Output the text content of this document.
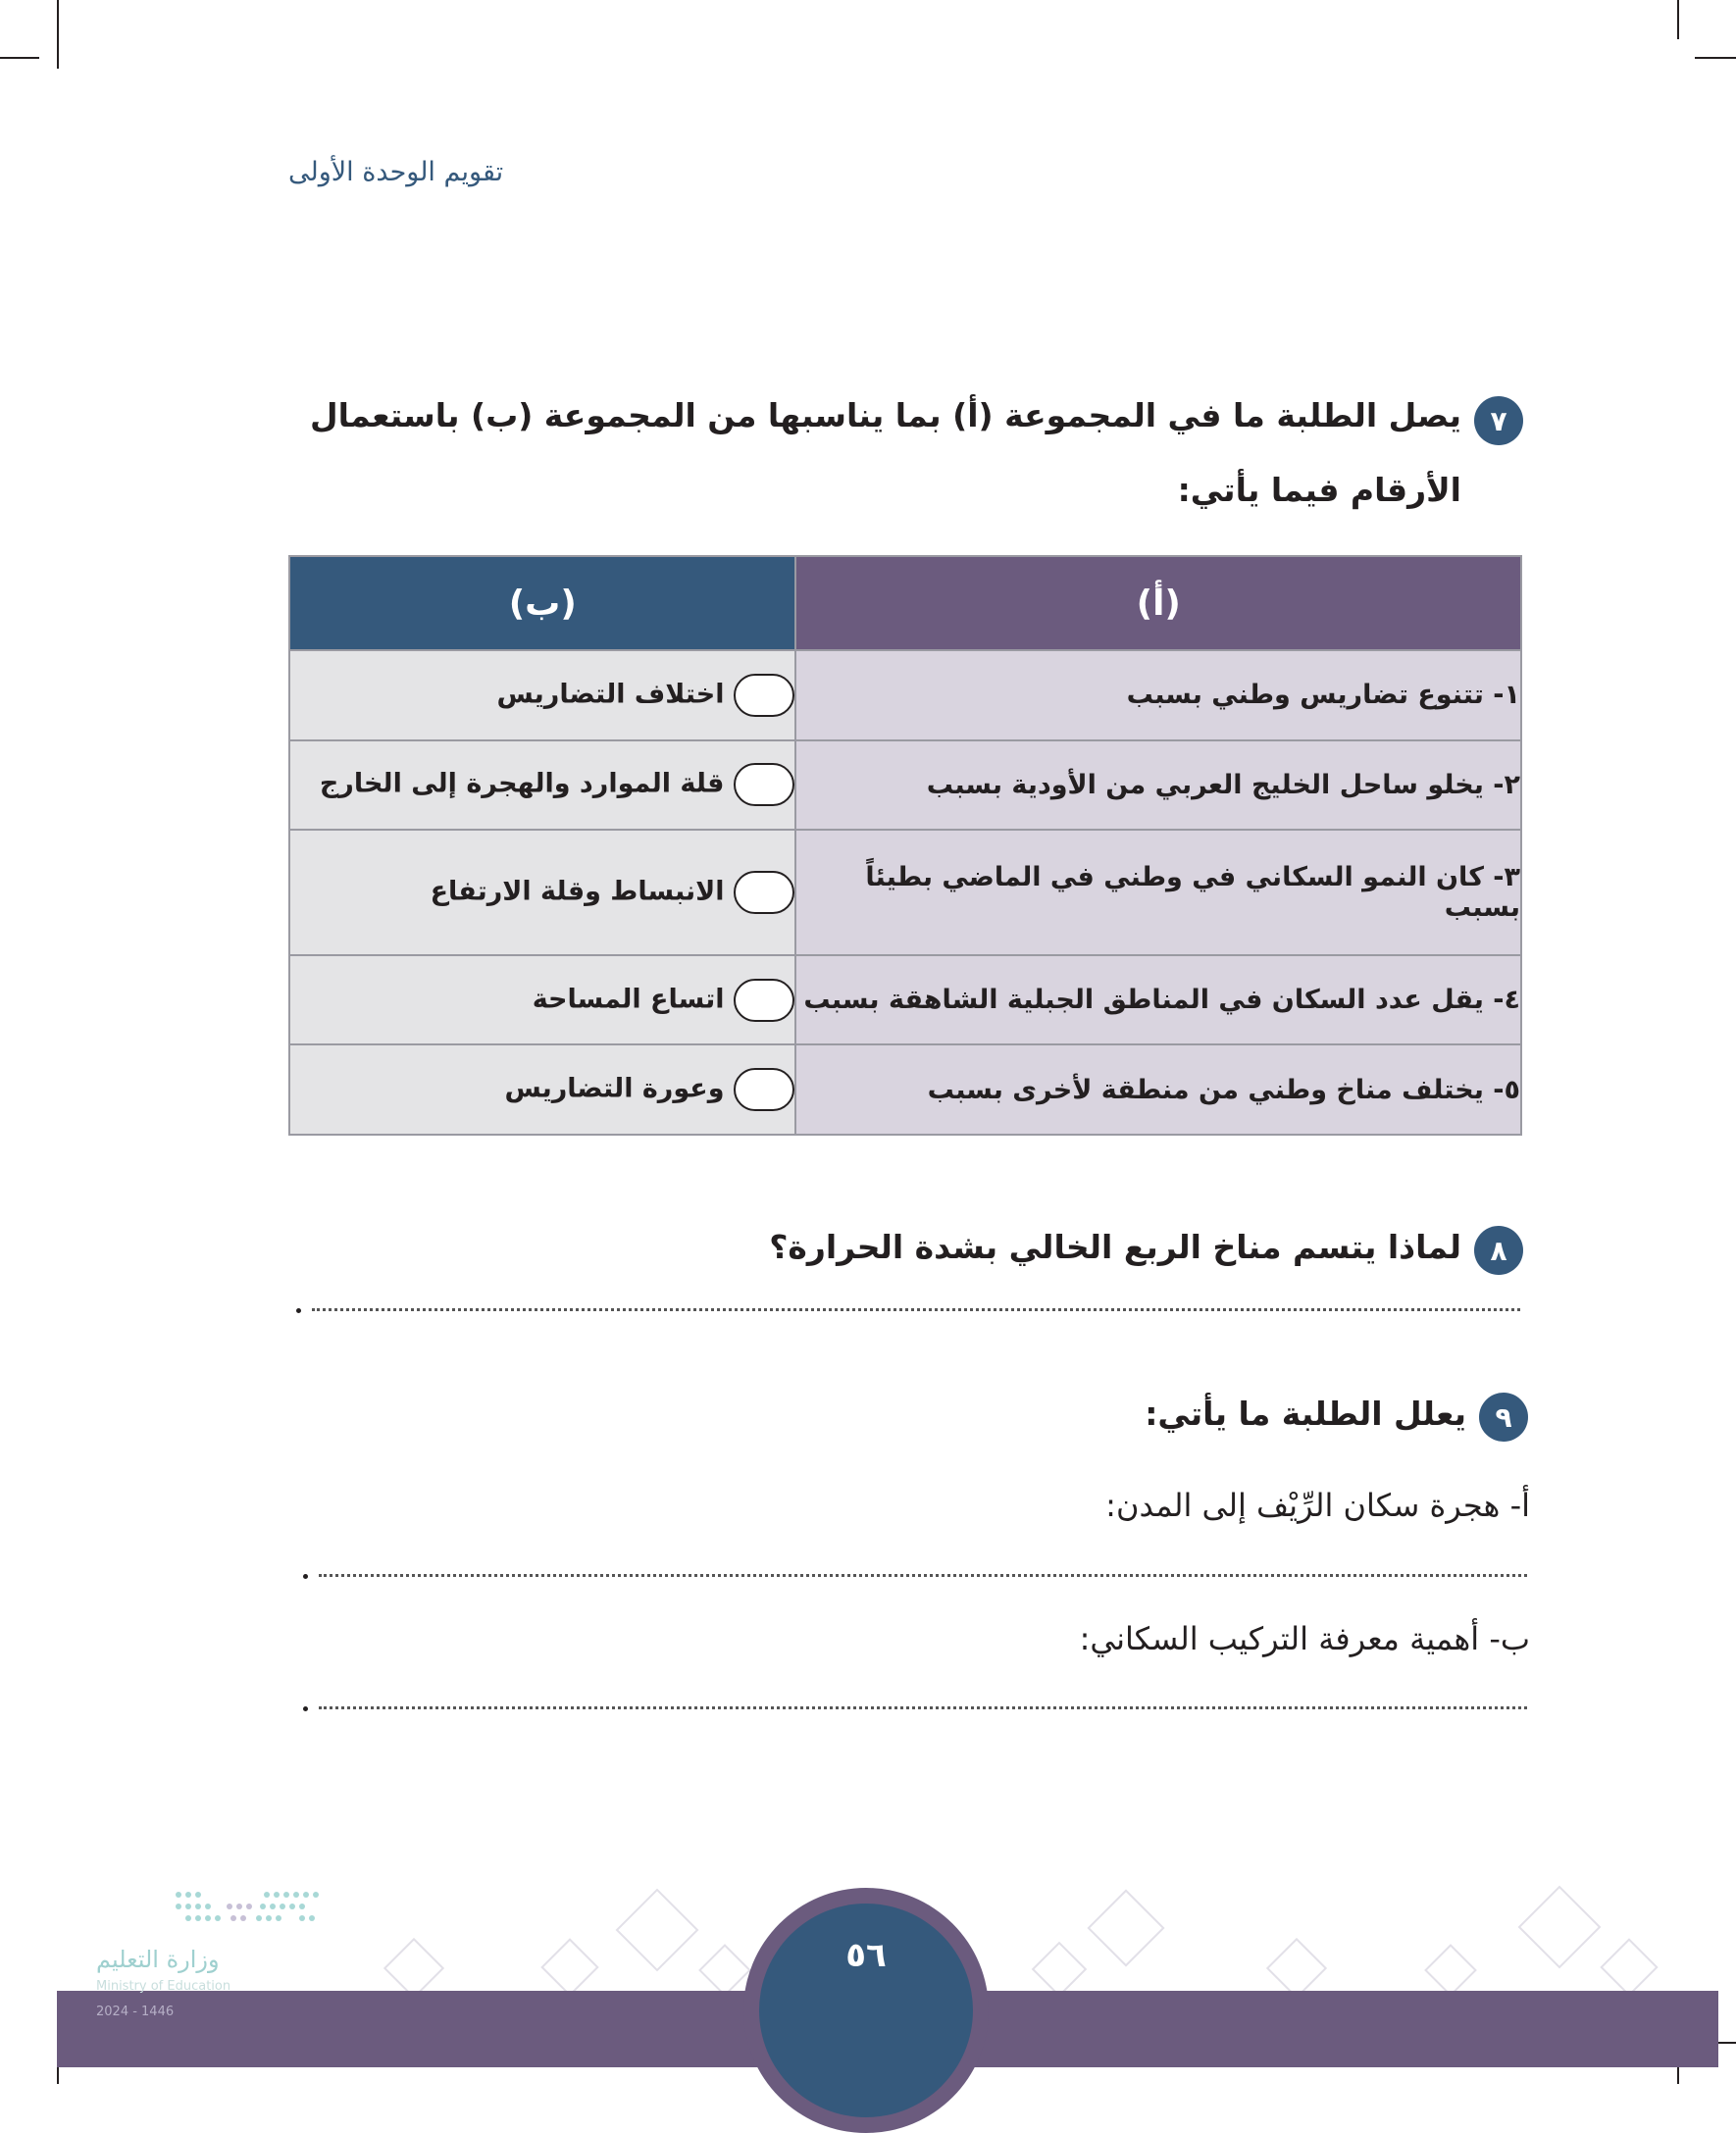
تقويم الوحدة الأولى
٧
يصل الطلبة ما في المجموعة (أ) بما يناسبها من المجموعة (ب) باستعمال
الأرقام فيما يأتي:
(أ)	(ب)
١- تتنوع تضاريس وطني بسبب	اختلاف التضاريس
٢- يخلو ساحل الخليج العربي من الأودية بسبب	قلة الموارد والهجرة إلى الخارج
٣- كان النمو السكاني في وطني في الماضي بطيئاً بسبب	الانبساط وقلة الارتفاع
٤- يقل عدد السكان في المناطق الجبلية الشاهقة بسبب	اتساع المساحة
٥- يختلف مناخ وطني من منطقة لأخرى بسبب	وعورة التضاريس
٨
لماذا يتسم مناخ الربع الخالي بشدة الحرارة؟
٩
يعلل الطلبة ما يأتي:
أ- هجرة سكان الرِّيْف إلى المدن:
ب- أهمية معرفة التركيب السكاني:
٥٦
وزارة التعليم
Ministry of Education
2024 - 1446
